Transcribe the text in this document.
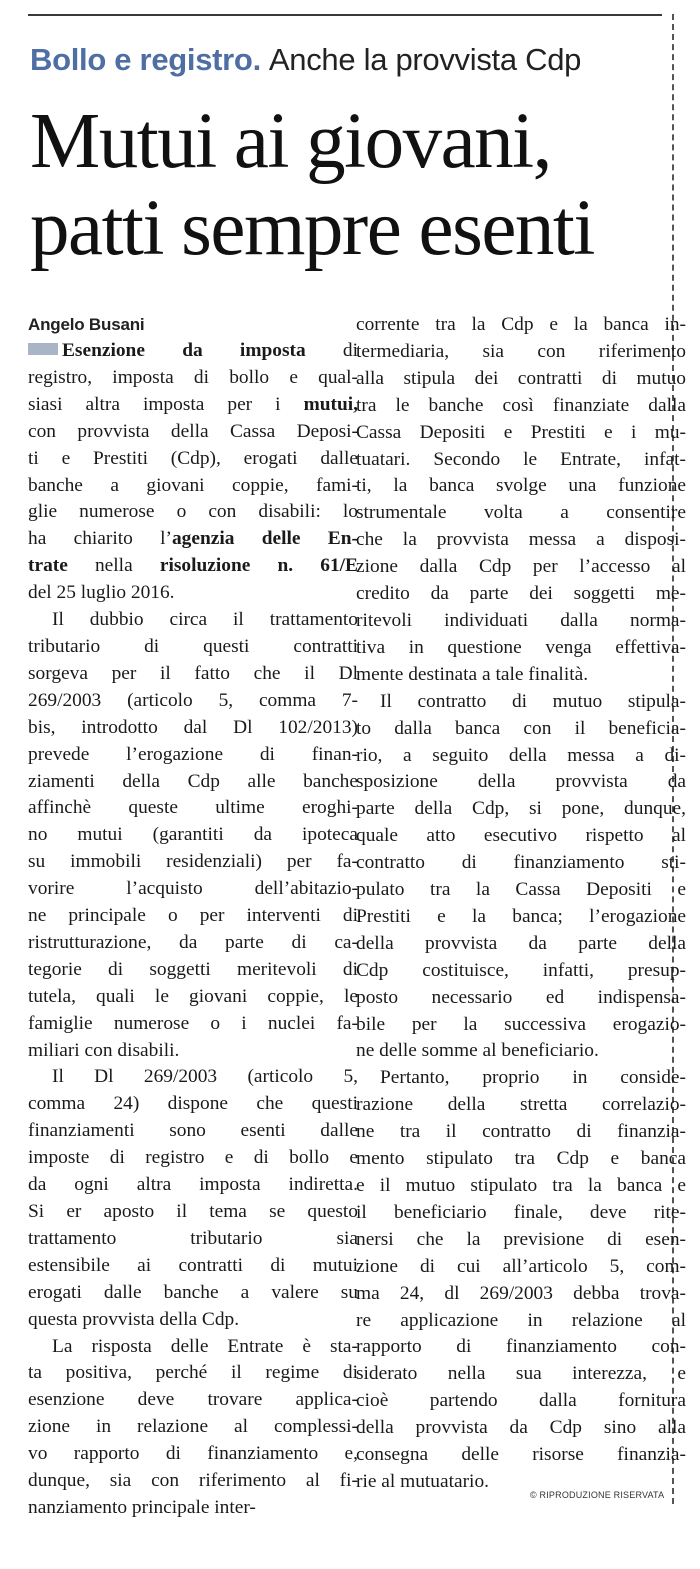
Bollo e registro. Anche la provvista Cdp
Mutui ai giovani,
patti sempre esenti
Angelo Busani
Esenzione da imposta di
registro, imposta di bollo e qual-
siasi altra imposta per i mutui,
con provvista della Cassa Deposi-
ti e Prestiti (Cdp), erogati dalle
banche a giovani coppie, fami-
glie numerose o con disabili: lo
ha chiarito l’agenzia delle En-
trate nella risoluzione n. 61/E
del 25 luglio 2016.
Il dubbio circa il trattamento
tributario di questi contratti
sorgeva per il fatto che il Dl
269/2003 (articolo 5, comma 7-
bis, introdotto dal Dl 102/2013)
prevede l’erogazione di finan-
ziamenti della Cdp alle banche
affinchè queste ultime eroghi-
no mutui (garantiti da ipoteca
su immobili residenziali) per fa-
vorire l’acquisto dell’abitazio-
ne principale o per interventi di
ristrutturazione, da parte di ca-
tegorie di soggetti meritevoli di
tutela, quali le giovani coppie, le
famiglie numerose o i nuclei fa-
miliari con disabili.
Il Dl 269/2003 (articolo 5,
comma 24) dispone che questi
finanziamenti sono esenti dalle
imposte di registro e di bollo e
da ogni altra imposta indiretta.
Si er aposto il tema se questo
trattamento tributario sia
estensibile ai contratti di mutui
erogati dalle banche a valere su
questa provvista della Cdp.
La risposta delle Entrate è sta-
ta positiva, perché il regime di
esenzione deve trovare applica-
zione in relazione al complessi-
vo rapporto di finanziamento e,
dunque, sia con riferimento al fi-
nanziamento principale inter-
corrente tra la Cdp e la banca in-
termediaria, sia con riferimento
alla stipula dei contratti di mutuo
tra le banche così finanziate dalla
Cassa Depositi e Prestiti e i mu-
tuatari. Secondo le Entrate, infat-
ti, la banca svolge una funzione
strumentale volta a consentire
che la provvista messa a disposi-
zione dalla Cdp per l’accesso al
credito da parte dei soggetti me-
ritevoli individuati dalla norma-
tiva in questione venga effettiva-
mente destinata a tale finalità.
Il contratto di mutuo stipula-
to dalla banca con il beneficia-
rio, a seguito della messa a di-
sposizione della provvista da
parte della Cdp, si pone, dunque,
quale atto esecutivo rispetto al
contratto di finanziamento sti-
pulato tra la Cassa Depositi e
Prestiti e la banca; l’erogazione
della provvista da parte della
Cdp costituisce, infatti, presup-
posto necessario ed indispensa-
bile per la successiva erogazio-
ne delle somme al beneficiario.
Pertanto, proprio in conside-
razione della stretta correlazio-
ne tra il contratto di finanzia-
mento stipulato tra Cdp e banca
e il mutuo stipulato tra la banca e
il beneficiario finale, deve rite-
nersi che la previsione di esen-
zione di cui all’articolo 5, com-
ma 24, dl 269/2003 debba trova-
re applicazione in relazione al
rapporto di finanziamento con-
siderato nella sua interezza, e
cioè partendo dalla fornitura
della provvista da Cdp sino alla
consegna delle risorse finanzia-
rie al mutuatario.
© RIPRODUZIONE RISERVATA
